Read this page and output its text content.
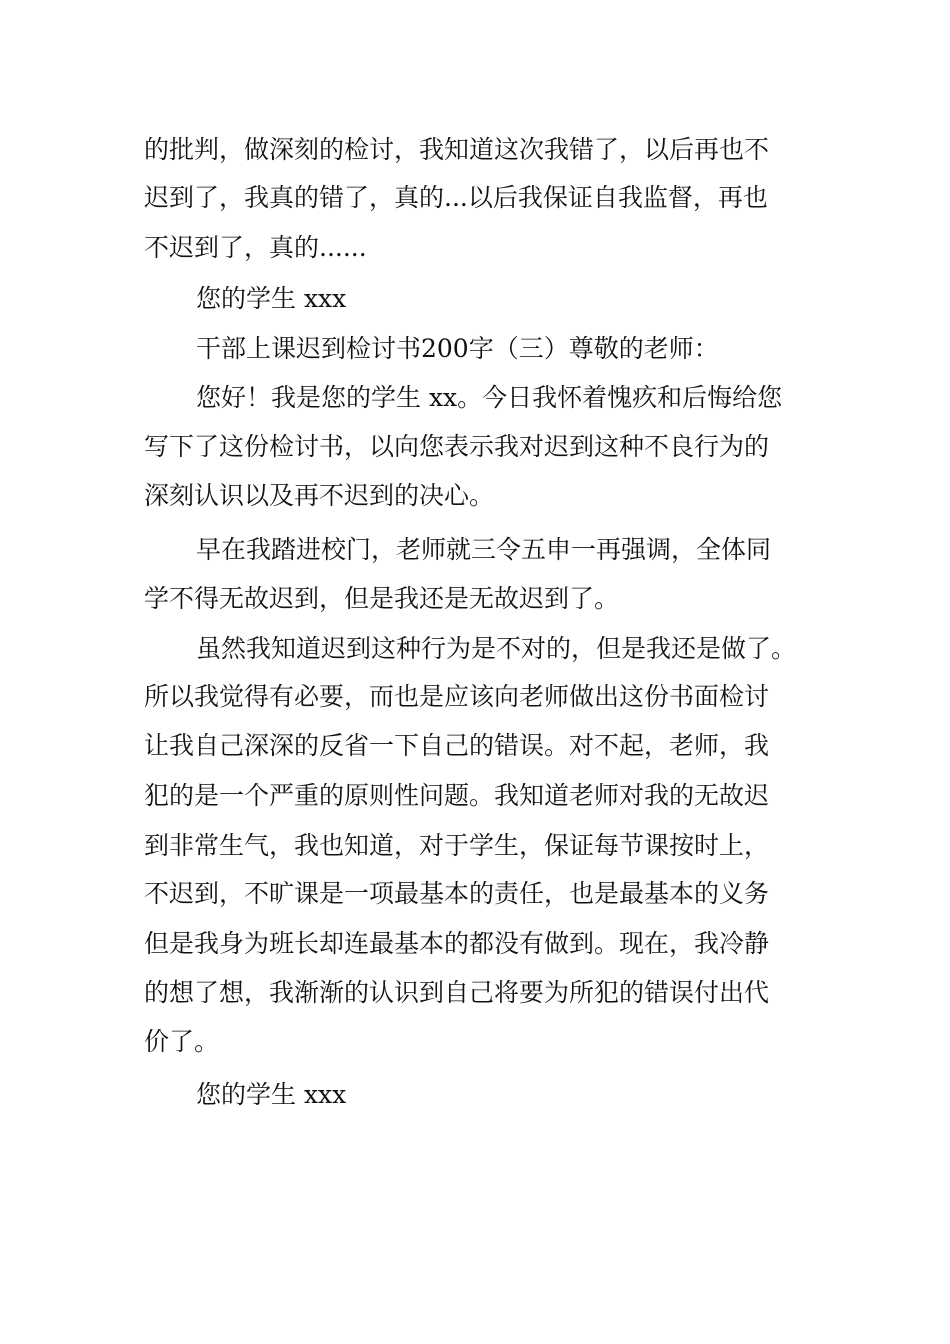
的批判，做深刻的检讨，我知道这次我错了，以后再也不
迟到了，我真的错了，真的...以后我保证自我监督，再也
不迟到了，真的......
您的学生 xxx
干部上课迟到检讨书200字（三）尊敬的老师：
您好！我是您的学生 xx。今日我怀着愧疚和后悔给您
写下了这份检讨书，以向您表示我对迟到这种不良行为的
深刻认识以及再不迟到的决心。
早在我踏进校门，老师就三令五申一再强调，全体同
学不得无故迟到，但是我还是无故迟到了。
虽然我知道迟到这种行为是不对的，但是我还是做了。
所以我觉得有必要，而也是应该向老师做出这份书面检讨
让我自己深深的反省一下自己的错误。对不起，老师，我
犯的是一个严重的原则性问题。我知道老师对我的无故迟
到非常生气，我也知道，对于学生，保证每节课按时上，
不迟到，不旷课是一项最基本的责任，也是最基本的义务
但是我身为班长却连最基本的都没有做到。现在，我冷静
的想了想，我渐渐的认识到自己将要为所犯的错误付出代
价了。
您的学生 xxx
